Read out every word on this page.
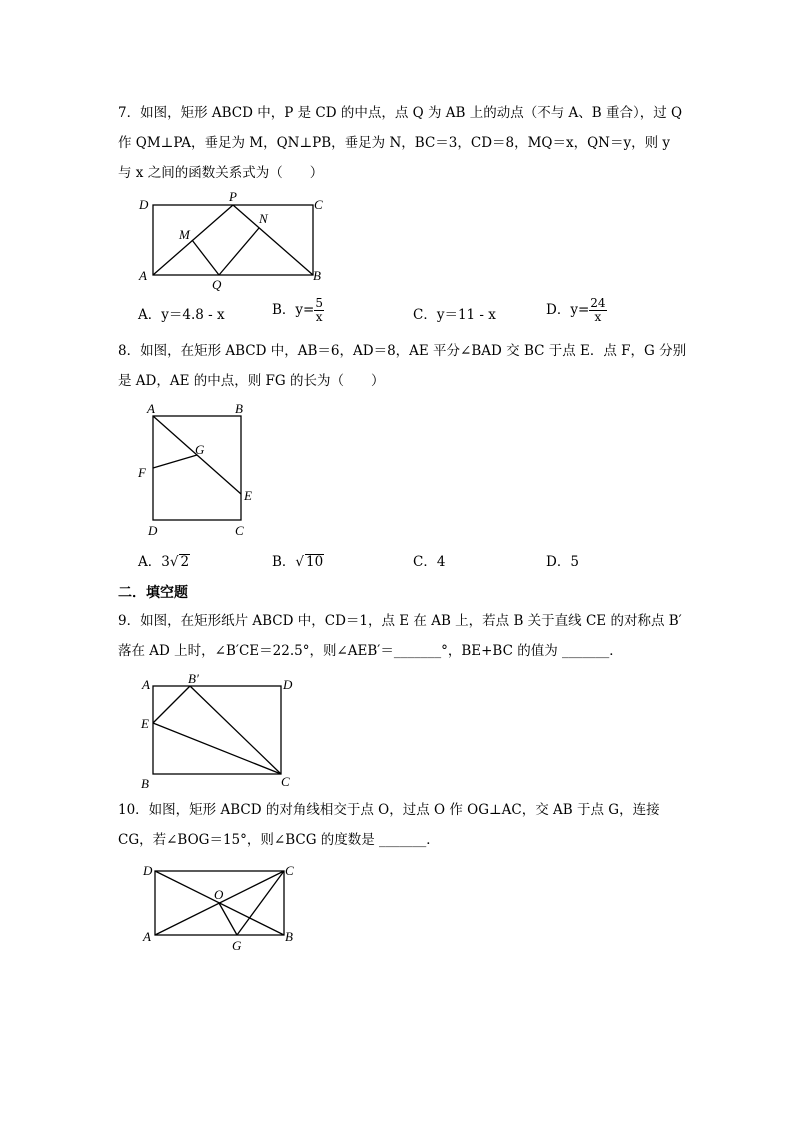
7．如图，矩形 ABCD 中，P 是 CD 的中点，点 Q 为 AB 上的动点（不与 A、B 重合），过 Q
作 QM⊥PA，垂足为 M，QN⊥PB，垂足为 N，BC＝3，CD＝8，MQ＝x，QN＝y，则 y
与 x 之间的函数关系式为（　　）
D
P
C
M
N
A
Q
B
A．y＝4.8 - x	B．$y= \frac{5}{x}$	C．y＝11 - x	D．$y= \frac{24}{x}$
8．如图，在矩形 ABCD 中，AB＝6，AD＝8，AE 平分∠BAD 交 BC 于点 E．点 F，G 分别
是 AD，AE 的中点，则 FG 的长为（　　）
A	B
G
F
E
D	C
A．3√ 2	B．√ 10	C．4	D．5
二．填空题
9．如图，在矩形纸片 ABCD 中，CD＝1，点 E 在 AB 上，若点 B 关于直线 CE 的对称点 B′
落在 AD 上时，∠B′CE＝22.5°，则∠AEB′＝_______°，BE+BC 的值为 _______．
A	B′	D
E
B	C
10．如图，矩形 ABCD 的对角线相交于点 O，过点 O 作 OG⊥AC，交 AB 于点 G，连接
CG，若∠BOG＝15°，则∠BCG 的度数是 _______．
D	C
O
A
G
B
